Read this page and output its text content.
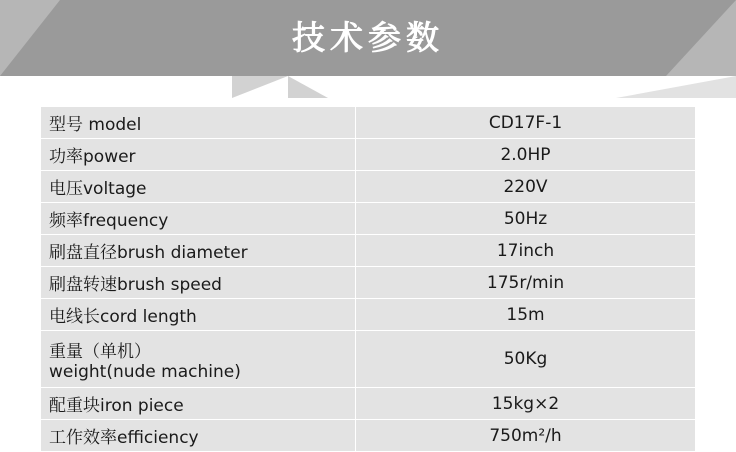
技术参数
型号 model	CD17F-1
功率power	2.0HP
电压voltage	220V
频率frequency	50Hz
刷盘直径brush diameter	17inch
刷盘转速brush speed	175r/min
电线长cord length	15m
重量（单机）
weight(nude machine)	50Kg
配重块iron piece	15kg×2
工作效率efficiency	750m²/h
